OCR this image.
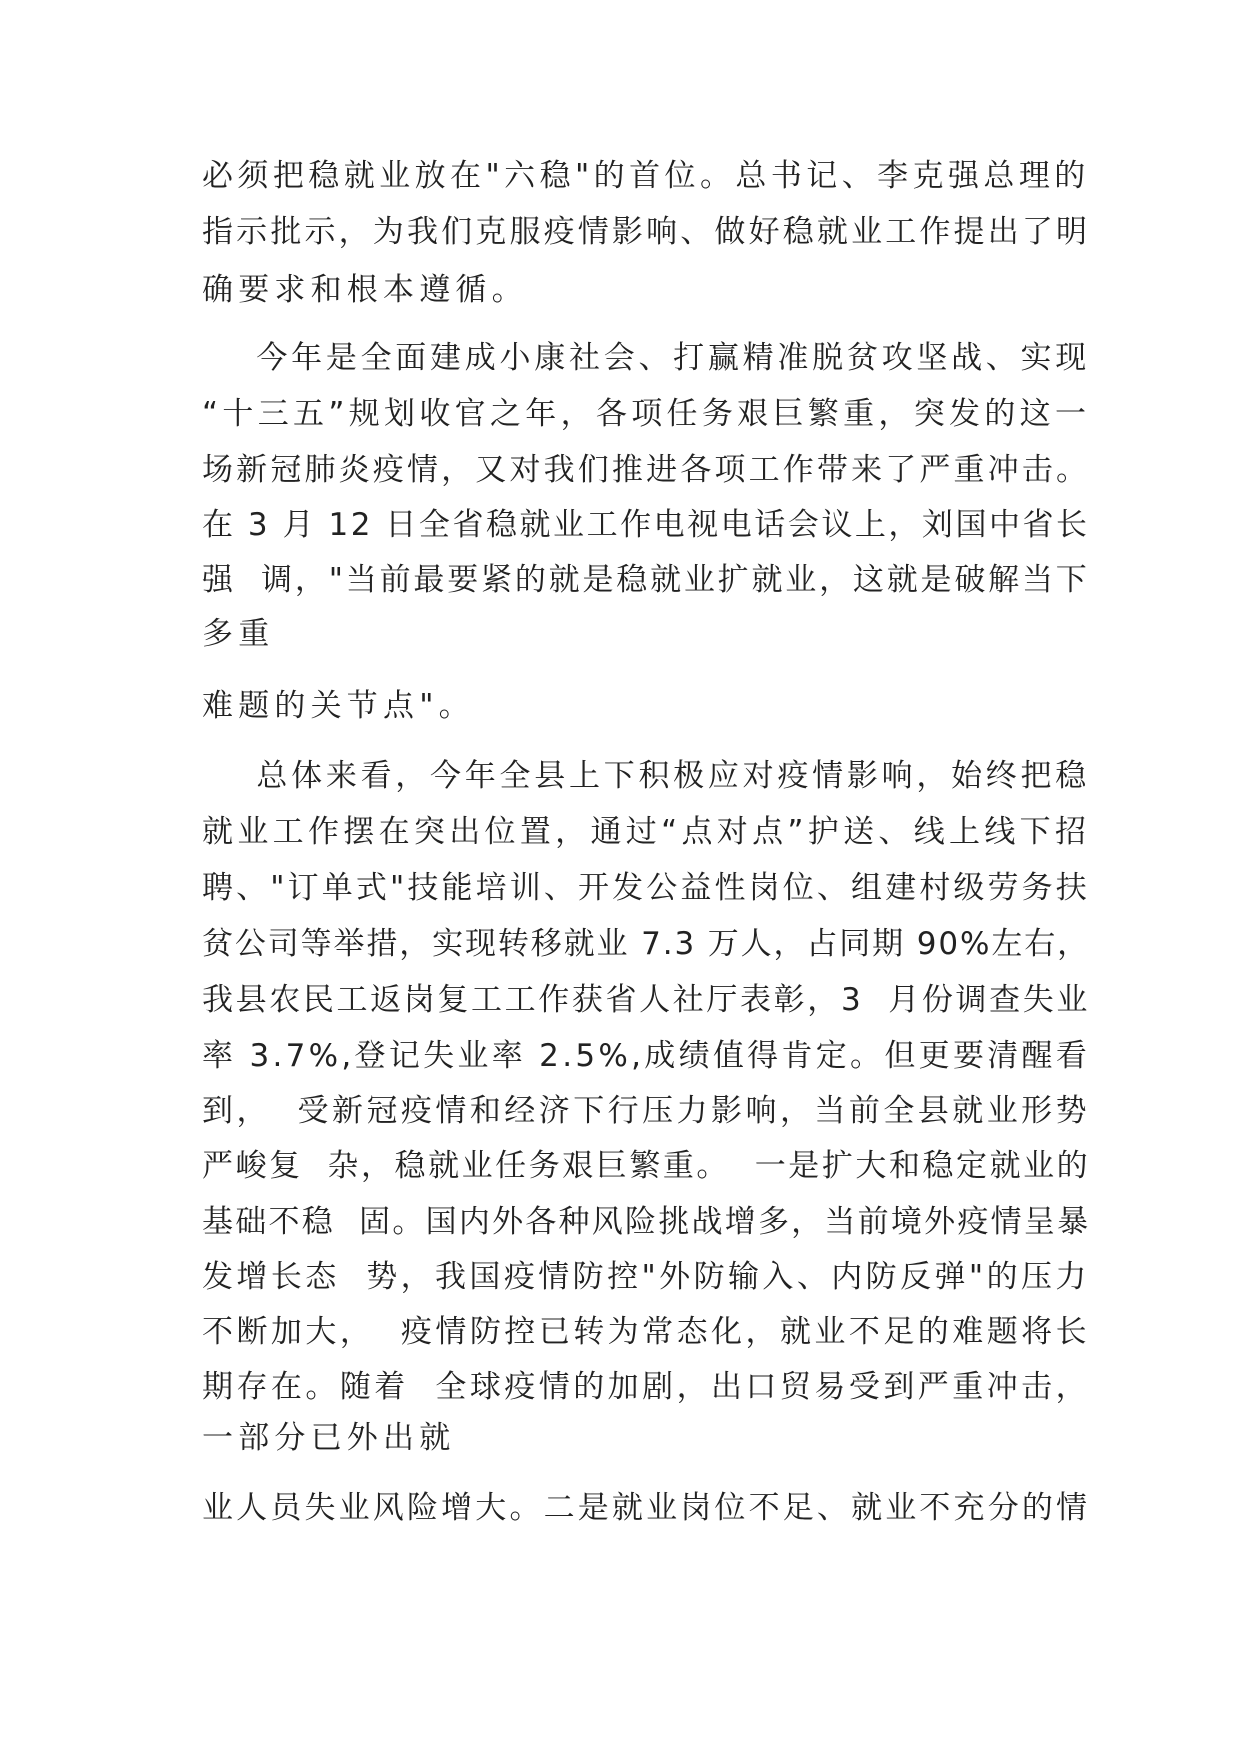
必须把稳就业放在"六稳"的首位。总书记、李克强总理的
指示批示，为我们克服疫情影响、做好稳就业工作提出了明
确要求和根本遵循。
今年是全面建成小康社会、打赢精准脱贫攻坚战、实现
“十三五”规划收官之年，各项任务艰巨繁重，突发的这一
场新冠肺炎疫情，又对我们推进各项工作带来了严重冲击。
在 3 月 12 日全省稳就业工作电视电话会议上，刘国中省长
强  调，"当前最要紧的就是稳就业扩就业，这就是破解当下
多重
难题的关节点"。
总体来看，今年全县上下积极应对疫情影响，始终把稳
就业工作摆在突出位置，通过“点对点”护送、线上线下招
聘、"订单式"技能培训、开发公益性岗位、组建村级劳务扶
贫公司等举措，实现转移就业 7.3 万人，占同期 90%左右，
我县农民工返岗复工工作获省人社厅表彰，3  月份调查失业
率 3.7%,登记失业率 2.5%,成绩值得肯定。但更要清醒看
到，  受新冠疫情和经济下行压力影响，当前全县就业形势
严峻复  杂，稳就业任务艰巨繁重。  一是扩大和稳定就业的
基础不稳  固。国内外各种风险挑战增多，当前境外疫情呈暴
发增长态  势，我国疫情防控"外防输入、内防反弹"的压力
不断加大，  疫情防控已转为常态化，就业不足的难题将长
期存在。随着  全球疫情的加剧，出口贸易受到严重冲击，
一部分已外出就
业人员失业风险增大。二是就业岗位不足、就业不充分的情
